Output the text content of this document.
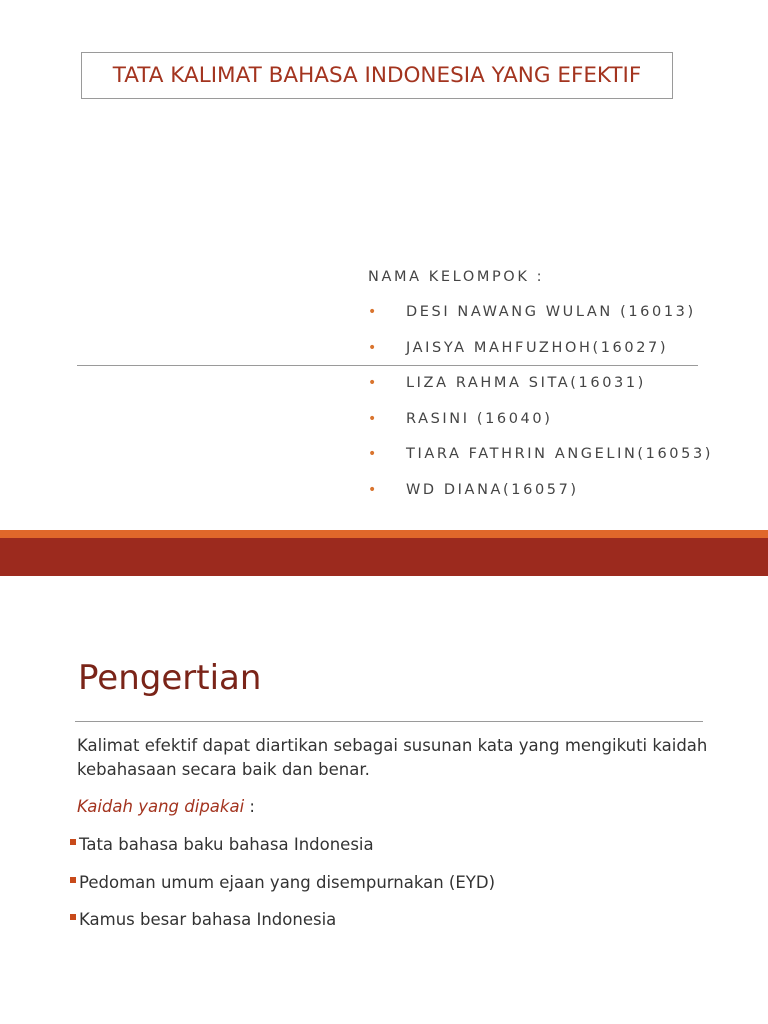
TATA KALIMAT BAHASA INDONESIA YANG EFEKTIF
NAMA KELOMPOK :
•	DESI NAWANG WULAN (16013)
•	JAISYA MAHFUZHOH(16027)
•	LIZA RAHMA SITA(16031)
•	RASINI (16040)
•	TIARA FATHRIN ANGELIN(16053)
•	WD DIANA(16057)
Pengertian
Kalimat efektif dapat diartikan sebagai susunan kata yang mengikuti kaidah kebahasaan secara baik dan benar.
Kaidah yang dipakai :
Tata bahasa baku bahasa Indonesia
Pedoman umum ejaan yang disempurnakan (EYD)
Kamus besar bahasa Indonesia
